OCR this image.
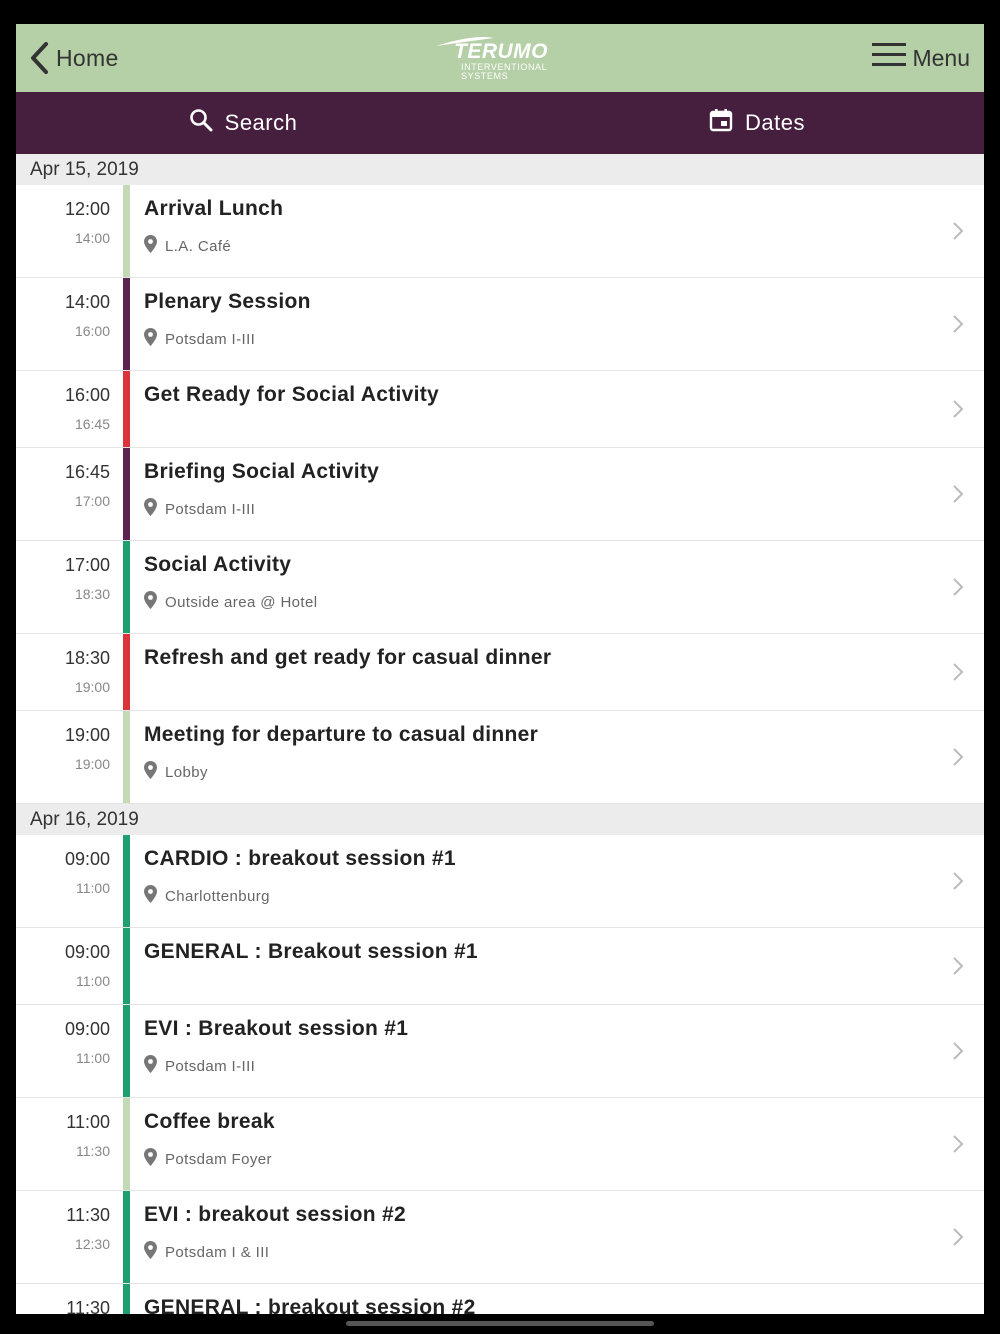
Home	TERUMO
INTERVENTIONAL
SYSTEMS
Menu
Search	Dates
Apr 15, 2019
12:00
14:00
Arrival Lunch
L.A. Café
14:00
16:00
Plenary Session
Potsdam I-III
16:00
16:45
Get Ready for Social Activity
16:45
17:00
Briefing Social Activity
Potsdam I-III
17:00
18:30
Social Activity
Outside area @ Hotel
18:30
19:00
Refresh and get ready for casual dinner
19:00
19:00
Meeting for departure to casual dinner
Lobby
Apr 16, 2019
09:00
11:00
CARDIO : breakout session #1
Charlottenburg
09:00
11:00
GENERAL : Breakout session #1
09:00
11:00
EVI : Breakout session #1
Potsdam I-III
11:00
11:30
Coffee break
Potsdam Foyer
11:30
12:30
EVI : breakout session #2
Potsdam I & III
11:30 GENERAL : breakout session #2
